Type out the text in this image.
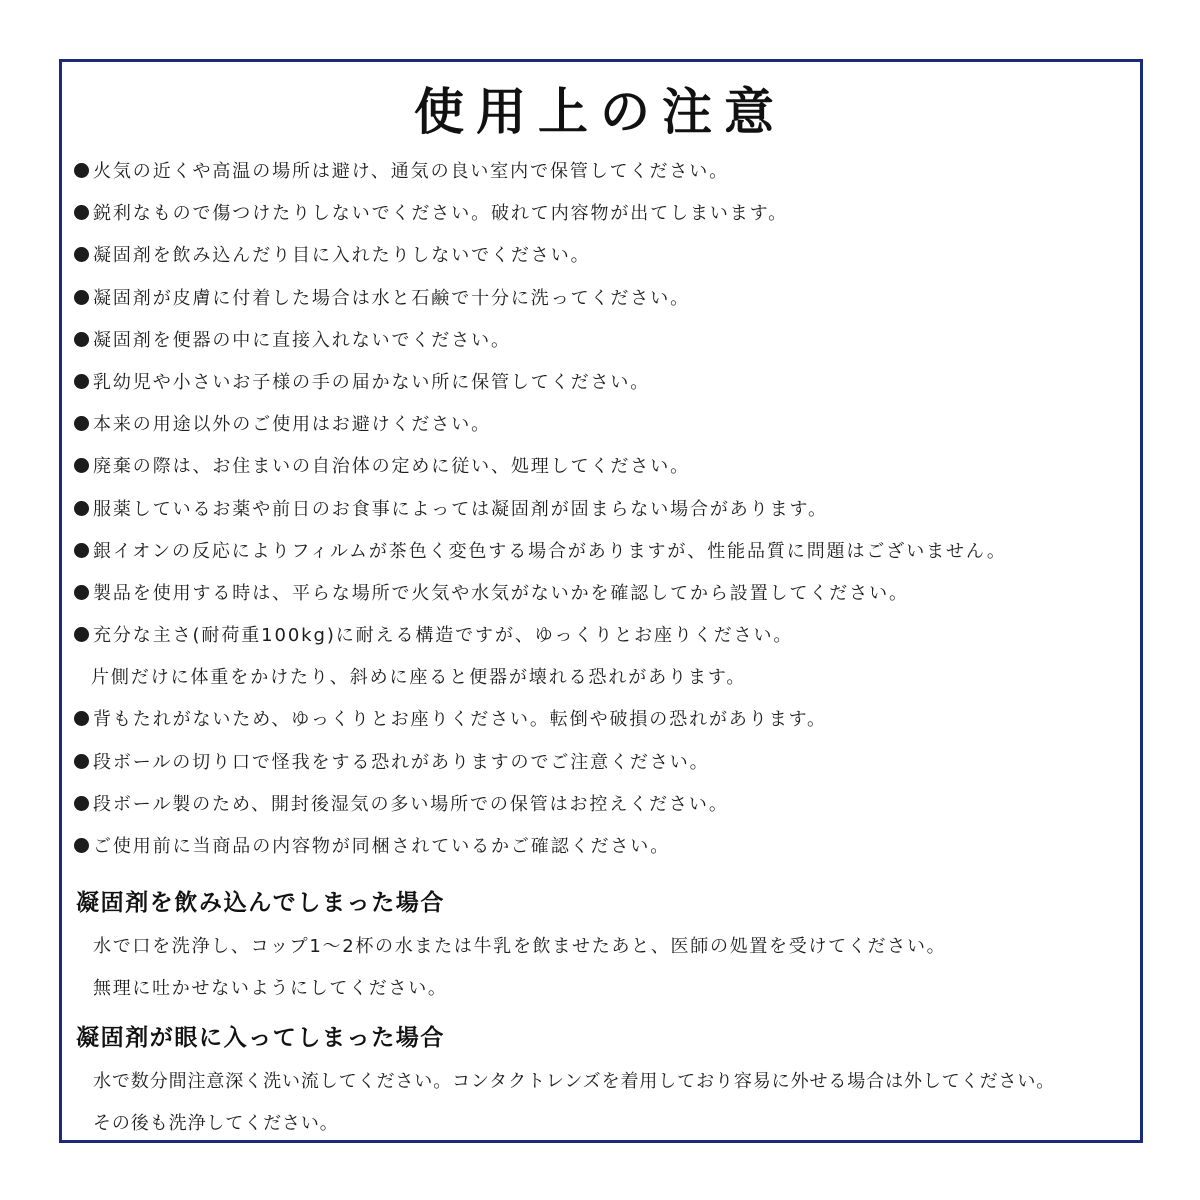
使用上の注意
火気の近くや高温の場所は避け、通気の良い室内で保管してください。
鋭利なもので傷つけたりしないでください。破れて内容物が出てしまいます。
凝固剤を飲み込んだり目に入れたりしないでください。
凝固剤が皮膚に付着した場合は水と石鹸で十分に洗ってください。
凝固剤を便器の中に直接入れないでください。
乳幼児や小さいお子様の手の届かない所に保管してください。
本来の用途以外のご使用はお避けください。
廃棄の際は、お住まいの自治体の定めに従い、処理してください。
服薬しているお薬や前日のお食事によっては凝固剤が固まらない場合があります。
銀イオンの反応によりフィルムが茶色く変色する場合がありますが、性能品質に問題はございません。
製品を使用する時は、平らな場所で火気や水気がないかを確認してから設置してください。
充分な主さ(耐荷重100kg)に耐える構造ですが、ゆっくりとお座りください。
片側だけに体重をかけたり、斜めに座ると便器が壊れる恐れがあります。
背もたれがないため、ゆっくりとお座りください。転倒や破損の恐れがあります。
段ボールの切り口で怪我をする恐れがありますのでご注意ください。
段ボール製のため、開封後湿気の多い場所での保管はお控えください。
ご使用前に当商品の内容物が同梱されているかご確認ください。
凝固剤を飲み込んでしまった場合
水で口を洗浄し、コップ1～2杯の水または牛乳を飲ませたあと、医師の処置を受けてください。
無理に吐かせないようにしてください。
凝固剤が眼に入ってしまった場合
水で数分間注意深く洗い流してください。コンタクトレンズを着用しており容易に外せる場合は外してください。
その後も洗浄してください。
